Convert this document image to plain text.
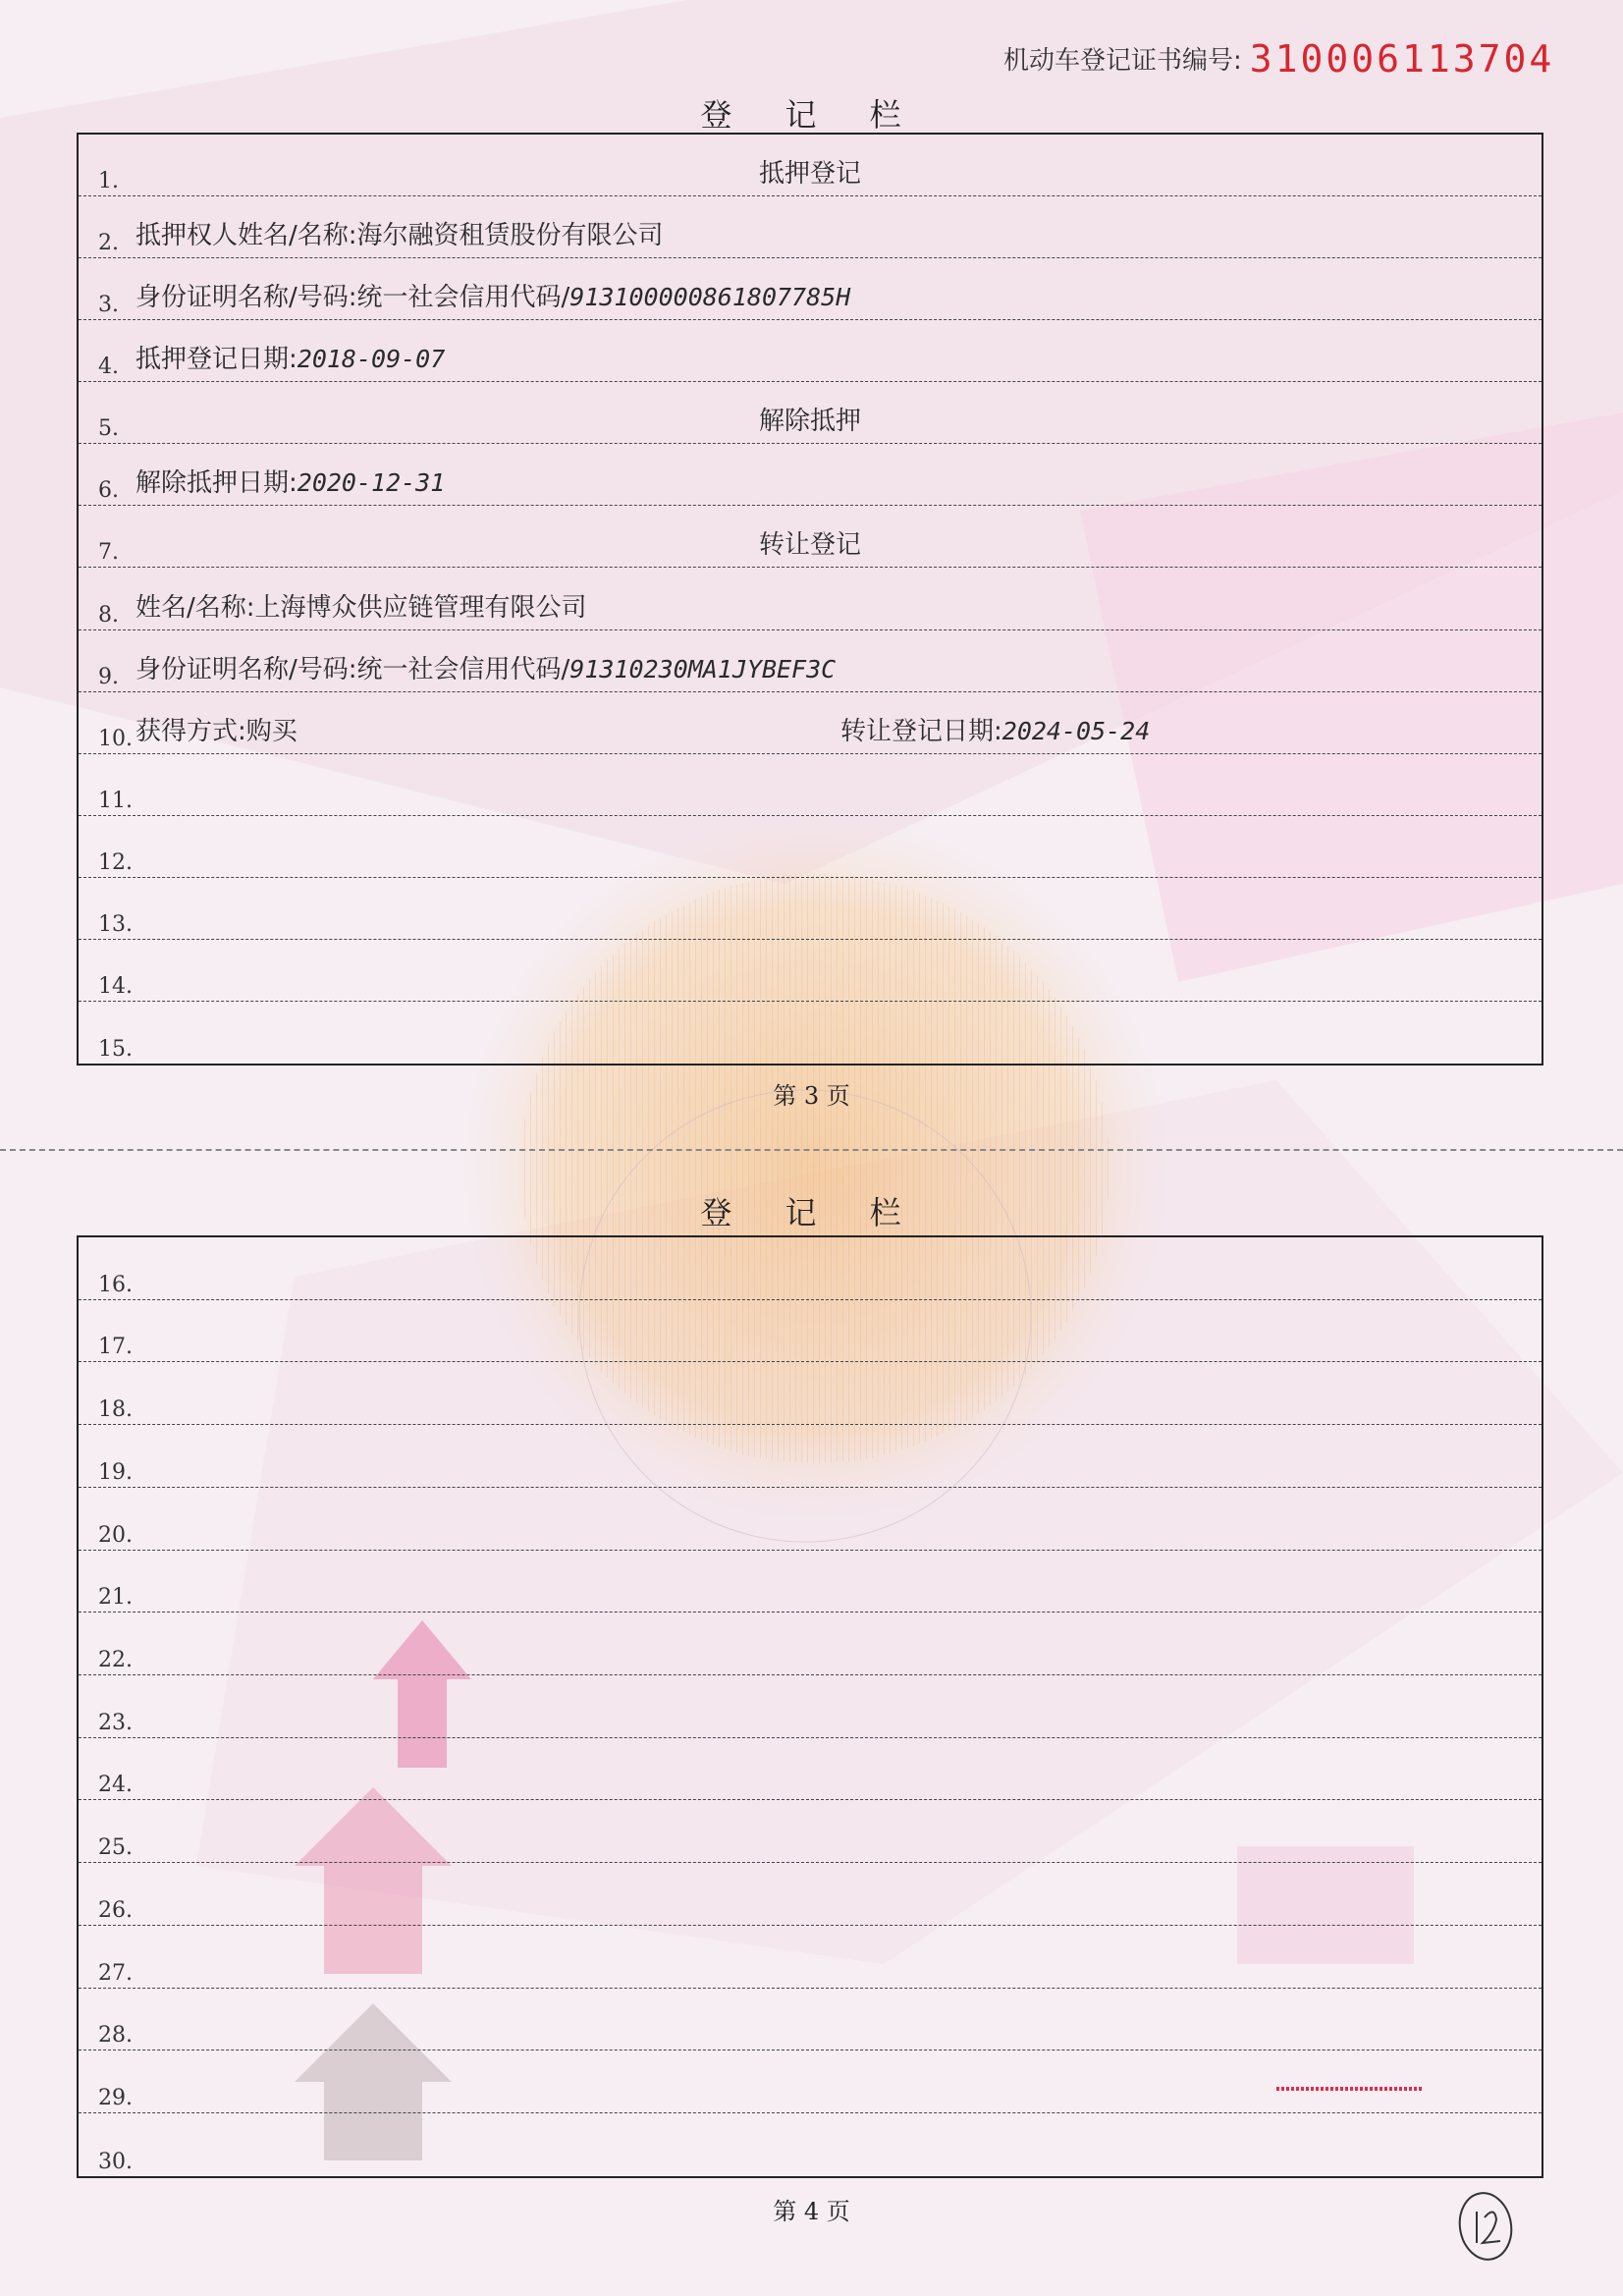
机动车登记证书编号: 310006113704
登 记 栏
1.	抵押登记
2. 抵押权人姓名/名称:海尔融资租赁股份有限公司
3. 身份证明名称/号码:统一社会信用代码/913100000861807785H
4. 抵押登记日期:2018-09-07
5.	解除抵押
6. 解除抵押日期:2020-12-31
7.	转让登记
8. 姓名/名称:上海博众供应链管理有限公司
9. 身份证明名称/号码:统一社会信用代码/91310230MA1JYBEF3C
10. 获得方式:购买	转让登记日期:2024-05-24
11.
12.
13.
14.
15.
第 3 页
登 记 栏
16.
17.
18.
19.
20.
21.
22.
23.
24.
25.
26.
27.
28.
29.
30.
第 4 页
